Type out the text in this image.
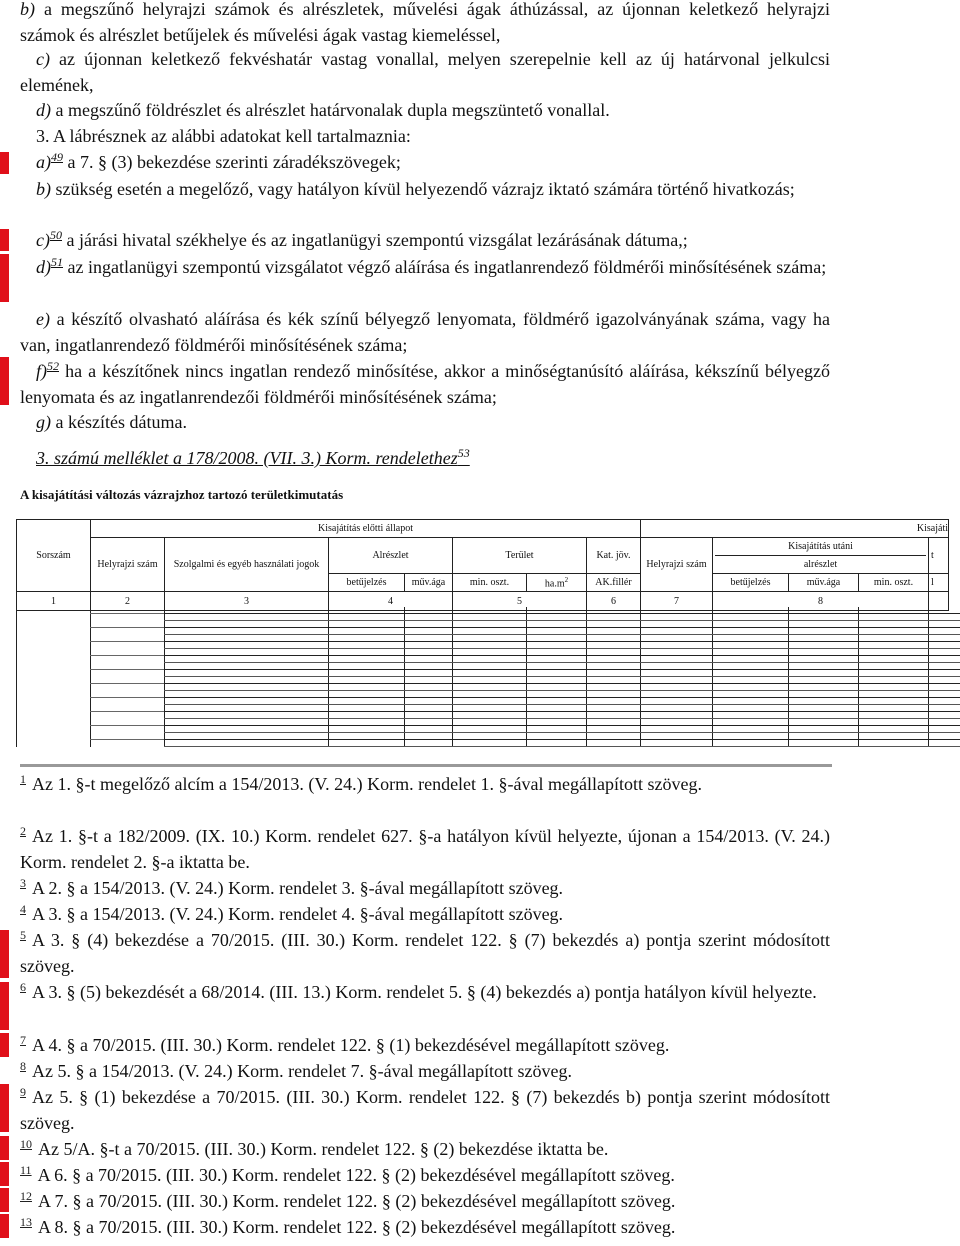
b) a megszűnő helyrajzi számok és alrészletek, művelési ágak áthúzással, az újonnan keletkező helyrajzi számok és alrészlet betűjelek és művelési ágak vastag kiemeléssel,

c) az újonnan keletkező fekvéshatár vastag vonallal, melyen szerepelnie kell az új határvonal jelkulcsi elemének,

d) a megszűnő földrészlet és alrészlet határvonalak dupla megszüntető vonallal.

3. A lábrésznek az alábbi adatokat kell tartalmaznia:

a)$^{49}$ a 7. § (3) bekezdése szerinti záradékszövegek;

b) szükség esetén a megelőző, vagy hatályon kívül helyezendő vázrajz iktató számára történő hivatkozás;

c)$^{50}$ a járási hivatal székhelye és az ingatlanügyi szempontú vizsgálat lezárásának dátuma,;

d)$^{51}$ az ingatlanügyi szempontú vizsgálatot végző aláírása és ingatlanrendező földmérői minősítésének száma;

e) a készítő olvasható aláírása és kék színű bélyegző lenyomata, földmérő igazolványának száma, vagy ha van, ingatlanrendező földmérői minősítésének száma;

f)$^{52}$ ha a készítőnek nincs ingatlan rendező minősítése, akkor a minőségtanúsító aláírása, kékszínű bélyegző lenyomata és az ingatlanrendezői földmérői minősítésének száma;

g) a készítés dátuma.

3. számú melléklet a 178/2008. (VII. 3.) Korm. rendelethez$^{53}$

A kisajátítási változás vázrajzhoz tartozó területkimutatás

Sorszám	Kisajátítás előtti állapot							Kisajáti				
	Helyrajzi szám	Szolgalmi és egyéb használati jogok	Alrészlet		Terület		Kat. jöv.	Helyrajzi szám	Kisajátítás utáni
alrészlet			t
			betűjelzés	műv.ága	min. oszt.	$ha.m^2$	AK.fillér		betűjelzés	műv.ága	min. oszt.	l
1	2	3	4		5		6	7	8			

$^1$ Az 1. §-t megelőző alcím a 154/2013. (V. 24.) Korm. rendelet 1. §-ával megállapított szöveg.

$^2$ Az 1. §-t a 182/2009. (IX. 10.) Korm. rendelet 627. §-a hatályon kívül helyezte, újonan a 154/2013. (V. 24.) Korm. rendelet 2. §-a iktatta be.

$^3$ A 2. § a 154/2013. (V. 24.) Korm. rendelet 3. §-ával megállapított szöveg.

$^4$ A 3. § a 154/2013. (V. 24.) Korm. rendelet 4. §-ával megállapított szöveg.

$^5$ A 3. § (4) bekezdése a 70/2015. (III. 30.) Korm. rendelet 122. § (7) bekezdés a) pontja szerint módosított szöveg.

$^6$ A 3. § (5) bekezdését a 68/2014. (III. 13.) Korm. rendelet 5. § (4) bekezdés a) pontja hatályon kívül helyezte.

$^7$ A 4. § a 70/2015. (III. 30.) Korm. rendelet 122. § (1) bekezdésével megállapított szöveg.

$^8$ Az 5. § a 154/2013. (V. 24.) Korm. rendelet 7. §-ával megállapított szöveg.

$^9$ Az 5. § (1) bekezdése a 70/2015. (III. 30.) Korm. rendelet 122. § (7) bekezdés b) pontja szerint módosított szöveg.

$^{10}$ Az 5/A. §-t a 70/2015. (III. 30.) Korm. rendelet 122. § (2) bekezdése iktatta be.

$^{11}$ A 6. § a 70/2015. (III. 30.) Korm. rendelet 122. § (2) bekezdésével megállapított szöveg.

$^{12}$ A 7. § a 70/2015. (III. 30.) Korm. rendelet 122. § (2) bekezdésével megállapított szöveg.

$^{13}$ A 8. § a 70/2015. (III. 30.) Korm. rendelet 122. § (2) bekezdésével megállapított szöveg.
